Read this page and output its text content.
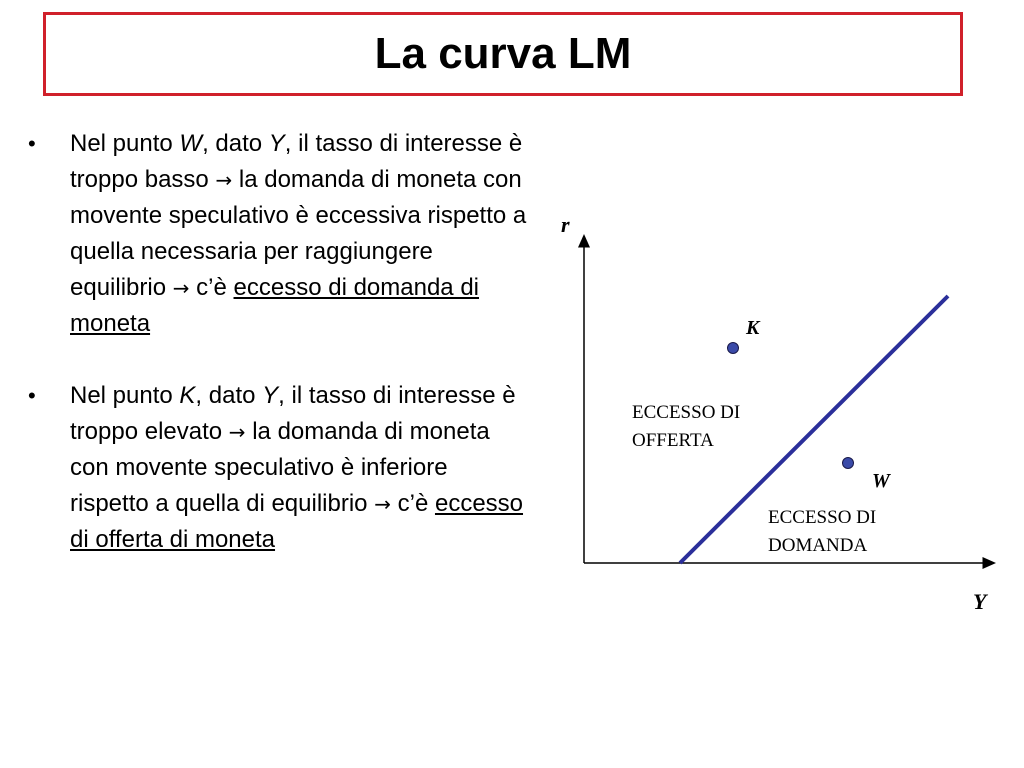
La curva LM
• Nel punto W, dato Y, il tasso di interesse è troppo basso → la domanda di moneta con movente speculativo è eccessiva rispetto a quella necessaria per raggiungere equilibrio → c’è eccesso di domanda di moneta
• Nel punto K, dato Y, il tasso di interesse è troppo elevato → la domanda di moneta con movente speculativo è inferiore rispetto a quella di equilibrio → c’è eccesso di offerta di moneta
r
Y
K
W
ECCESSO DI
OFFERTA
ECCESSO DI
DOMANDA
